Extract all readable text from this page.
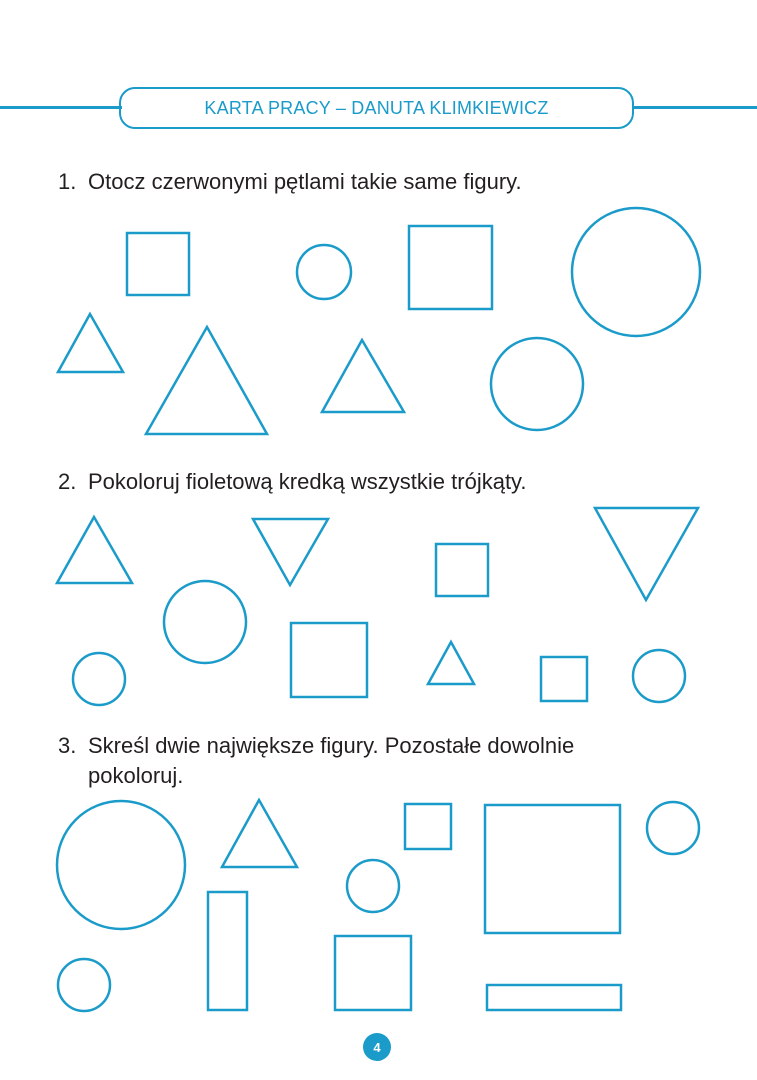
KARTA PRACY – DANUTA KLIMKIEWICZ
1. Otocz czerwonymi pętlami takie same figury.
2. Pokoloruj fioletową kredką wszystkie trójkąty.
3. Skreśl dwie największe figury. Pozostałe dowolnie
pokoloruj.
4
